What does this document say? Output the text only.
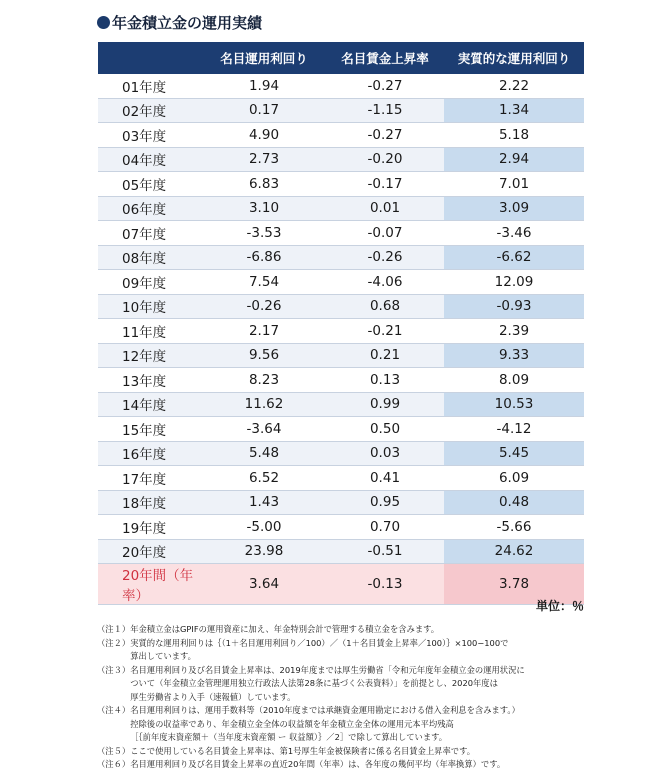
年金積立金の運用実績
	名目運用利回り	名目賃金上昇率	実質的な運用利回り
01年度	1.94	-0.27	2.22
02年度	0.17	-1.15	1.34
03年度	4.90	-0.27	5.18
04年度	2.73	-0.20	2.94
05年度	6.83	-0.17	7.01
06年度	3.10	0.01	3.09
07年度	-3.53	-0.07	-3.46
08年度	-6.86	-0.26	-6.62
09年度	7.54	-4.06	12.09
10年度	-0.26	0.68	-0.93
11年度	2.17	-0.21	2.39
12年度	9.56	0.21	9.33
13年度	8.23	0.13	8.09
14年度	11.62	0.99	10.53
15年度	-3.64	0.50	-4.12
16年度	5.48	0.03	5.45
17年度	6.52	0.41	6.09
18年度	1.43	0.95	0.48
19年度	-5.00	0.70	-5.66
20年度	23.98	-0.51	24.62
20年間（年率）	3.64	-0.13	3.78
単位：％
（注１） 年金積立金はGPIFの運用資産に加え、年金特別会計で管理する積立金を含みます。
（注２） 実質的な運用利回りは｛（1＋名目運用利回り／100）／（1＋名目賃金上昇率／100）｝×100−100で
算出しています。
（注３） 名目運用利回り及び名目賃金上昇率は、2019年度までは厚生労働省「令和元年度年金積立金の運用状況に
ついて（年金積立金管理運用独立行政法人法第28条に基づく公表資料）」を前提とし、2020年度は
厚生労働省より入手（速報値）しています。
（注４） 名目運用利回りは、運用手数料等（2010年度までは承継資金運用勘定における借入金利息を含みます。）
控除後の収益率であり、年金積立金全体の収益額を年金積立金全体の運用元本平均残高
［｛前年度末資産額＋（当年度末資産額 ー 収益額）｝／2］で除して算出しています。
（注５） ここで使用している名目賃金上昇率は、第1号厚生年金被保険者に係る名目賃金上昇率です。
（注６） 名目運用利回り及び名目賃金上昇率の直近20年間（年率）は、各年度の幾何平均（年率換算）です。
